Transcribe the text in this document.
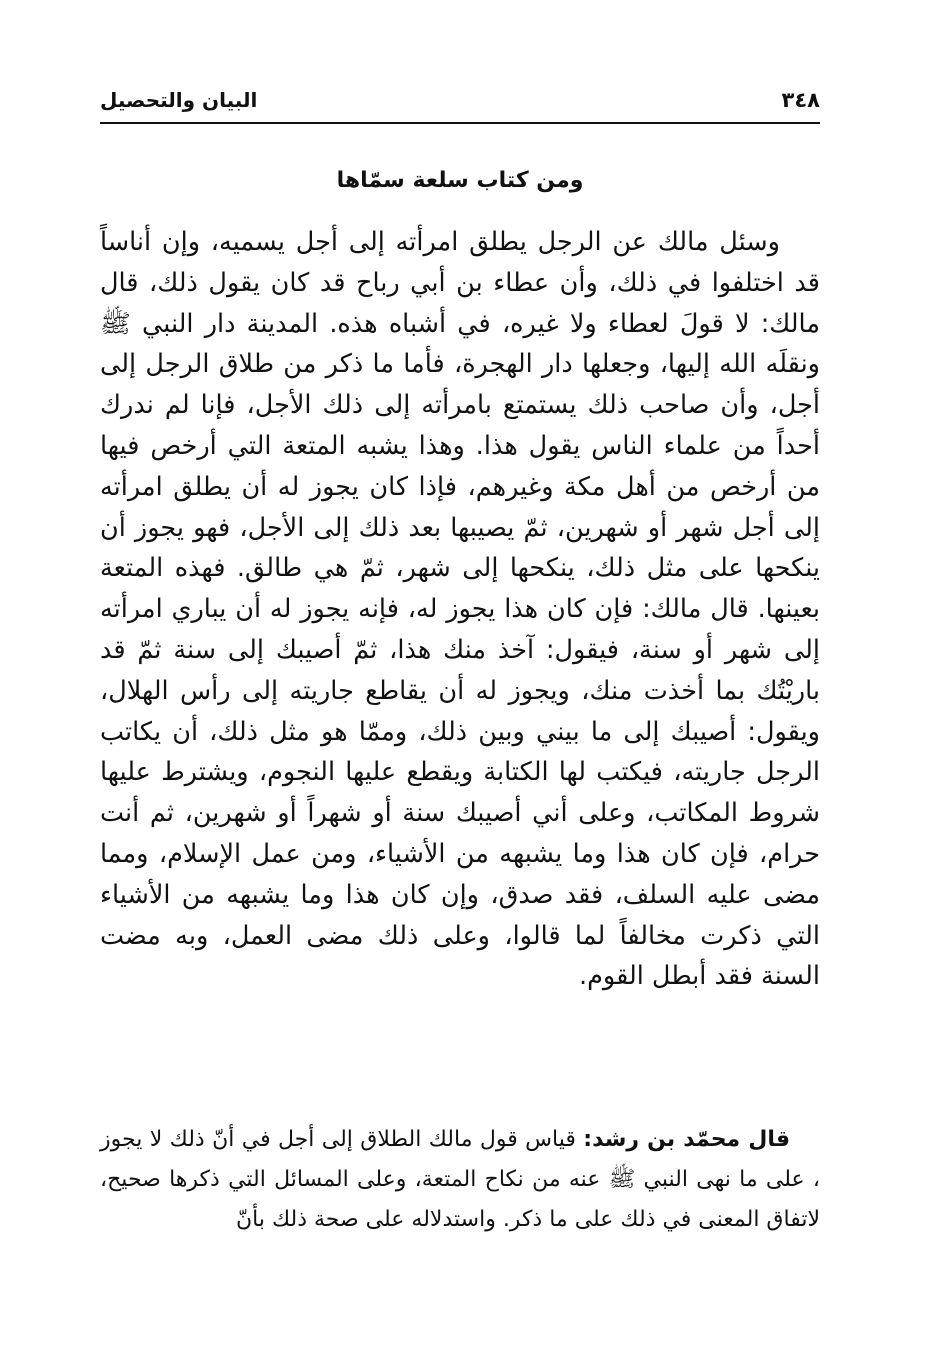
٣٤٨
البيان والتحصيل
ومن كتاب سلعة سمّاها

وسئل مالك عن الرجل يطلق امرأته إلى أجل يسميه، وإن أناساً قد اختلفوا في ذلك، وأن عطاء بن أبي رباح قد كان يقول ذلك، قال مالك: لا قولَ لعطاء ولا غيره، في أشباه هذه. المدينة دار النبي ﷺ ونقلَه الله إليها، وجعلها دار الهجرة، فأما ما ذكر من طلاق الرجل إلى أجل، وأن صاحب ذلك يستمتع بامرأته إلى ذلك الأجل، فإنا لم ندرك أحداً من علماء الناس يقول هذا. وهذا يشبه المتعة التي أرخص فيها من أرخص من أهل مكة وغيرهم، فإذا كان يجوز له أن يطلق امرأته إلى أجل شهر أو شهرين، ثمّ يصيبها بعد ذلك إلى الأجل، فهو يجوز أن ينكحها على مثل ذلك، ينكحها إلى شهر، ثمّ هي طالق. فهذه المتعة بعينها. قال مالك: فإن كان هذا يجوز له، فإنه يجوز له أن يباري امرأته إلى شهر أو سنة، فيقول: آخذ منك هذا، ثمّ أصيبك إلى سنة ثمّ قد باريْتُك بما أخذت منك، ويجوز له أن يقاطع جاريته إلى رأس الهلال، ويقول: أصيبك إلى ما بيني وبين ذلك، وممّا هو مثل ذلك، أن يكاتب الرجل جاريته، فيكتب لها الكتابة ويقطع عليها النجوم، ويشترط عليها شروط المكاتب، وعلى أني أصيبك سنة أو شهراً أو شهرين، ثم أنت حرام، فإن كان هذا وما يشبهه من الأشياء، ومن عمل الإسلام، ومما مضى عليه السلف، فقد صدق، وإن كان هذا وما يشبهه من الأشياء التي ذكرت مخالفاً لما قالوا، وعلى ذلك مضى العمل، وبه مضت السنة فقد أبطل القوم.

قال محمّد بن رشد: قياس قول مالك الطلاق إلى أجل في أنّ ذلك لا يجوز ، على ما نهى النبي ﷺ عنه من نكاح المتعة، وعلى المسائل التي ذكرها صحيح، لاتفاق المعنى في ذلك على ما ذكر. واستدلاله على صحة ذلك بأنّ
